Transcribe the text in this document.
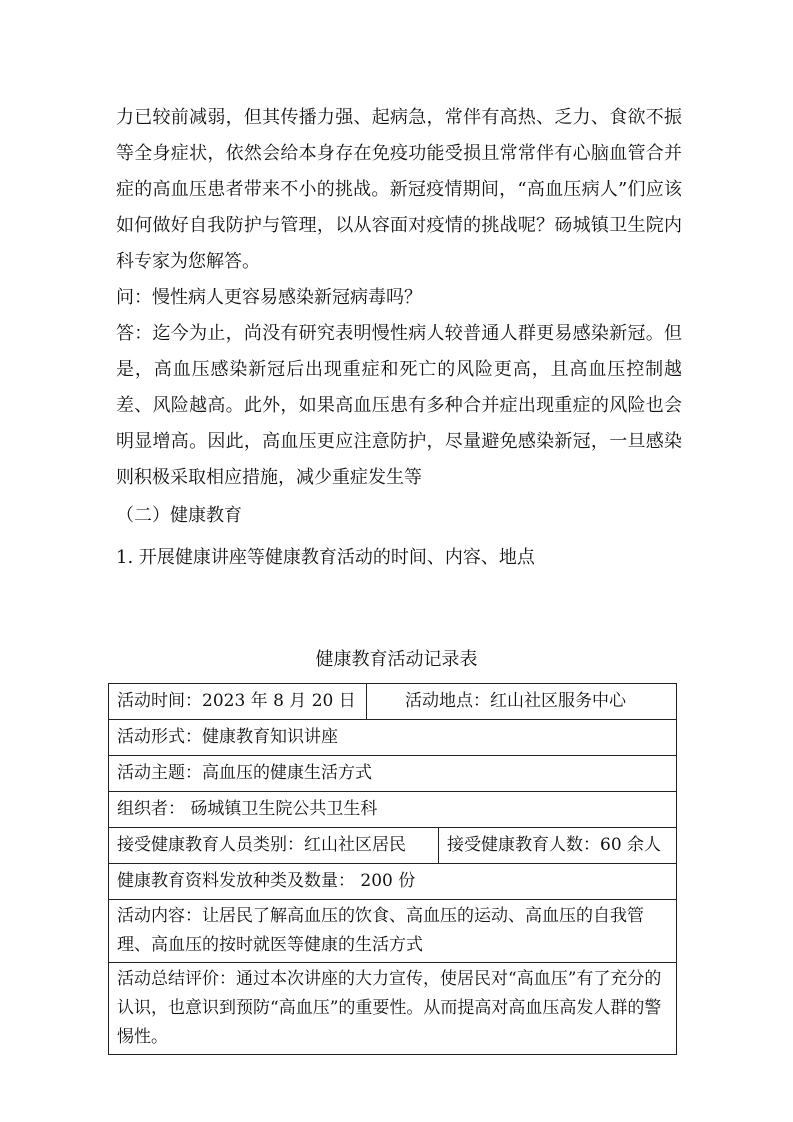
力已较前减弱，但其传播力强、起病急，常伴有高热、乏力、食欲不振等全身症状，依然会给本身存在免疫功能受损且常常伴有心脑血管合并症的高血压患者带来不小的挑战。新冠疫情期间，“高血压病人”们应该如何做好自我防护与管理，以从容面对疫情的挑战呢？砀城镇卫生院内科专家为您解答。

问：慢性病人更容易感染新冠病毒吗？

答：迄今为止，尚没有研究表明慢性病人较普通人群更易感染新冠。但是，高血压感染新冠后出现重症和死亡的风险更高，且高血压控制越差、风险越高。此外，如果高血压患有多种合并症出现重症的风险也会明显增高。因此，高血压更应注意防护，尽量避免感染新冠，一旦感染则积极采取相应措施，减少重症发生等

（二）健康教育

1. 开展健康讲座等健康教育活动的时间、内容、地点

健康教育活动记录表
活动时间：2023 年 8 月 20 日	活动地点：红山社区服务中心	
活动形式：健康教育知识讲座		
活动主题：高血压的健康生活方式		
组织者： 砀城镇卫生院公共卫生科		
接受健康教育人员类别：红山社区居民		接受健康教育人数：60 余人
健康教育资料发放种类及数量： 200 份		
活动内容：让居民了解高血压的饮食、高血压的运动、高血压的自我管理、高血压的按时就医等健康的生活方式		
活动总结评价：通过本次讲座的大力宣传，使居民对“高血压”有了充分的认识，也意识到预防“高血压”的重要性。从而提高对高血压高发人群的警惕性。		
